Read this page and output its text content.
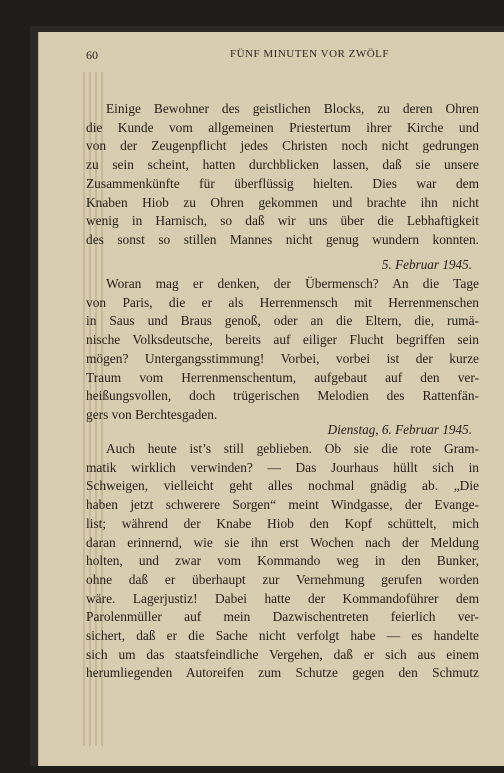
60	FÜNF MINUTEN VOR ZWÖLF
Einige Bewohner des geistlichen Blocks, zu deren Ohren
die Kunde vom allgemeinen Priestertum ihrer Kirche und
von der Zeugenpflicht jedes Christen noch nicht gedrungen
zu sein scheint, hatten durchblicken lassen, daß sie unsere
Zusammenkünfte für überflüssig hielten. Dies war dem
Knaben Hiob zu Ohren gekommen und brachte ihn nicht
wenig in Harnisch, so daß wir uns über die Lebhaftigkeit
des sonst so stillen Mannes nicht genug wundern konnten.
5. Februar 1945.
Woran mag er denken, der Übermensch? An die Tage
von Paris, die er als Herrenmensch mit Herrenmenschen
in Saus und Braus genoß, oder an die Eltern, die, rumä-
nische Volksdeutsche, bereits auf eiliger Flucht begriffen sein
mögen? Untergangsstimmung! Vorbei, vorbei ist der kurze
Traum vom Herrenmenschentum, aufgebaut auf den ver-
heißungsvollen, doch trügerischen Melodien des Rattenfän-
gers von Berchtesgaden.
Dienstag, 6. Februar 1945.
Auch heute ist’s still geblieben. Ob sie die rote Gram-
matik wirklich verwinden? — Das Jourhaus hüllt sich in
Schweigen, vielleicht geht alles nochmal gnädig ab. „Die
haben jetzt schwerere Sorgen“ meint Windgasse, der Evange-
list; während der Knabe Hiob den Kopf schüttelt, mich
daran erinnernd, wie sie ihn erst Wochen nach der Meldung
holten, und zwar vom Kommando weg in den Bunker,
ohne daß er überhaupt zur Vernehmung gerufen worden
wäre. Lagerjustiz! Dabei hatte der Kommandoführer dem
Parolenmüller auf mein Dazwischentreten feierlich ver-
sichert, daß er die Sache nicht verfolgt habe — es handelte
sich um das staatsfeindliche Vergehen, daß er sich aus einem
herumliegenden Autoreifen zum Schutze gegen den Schmutz
